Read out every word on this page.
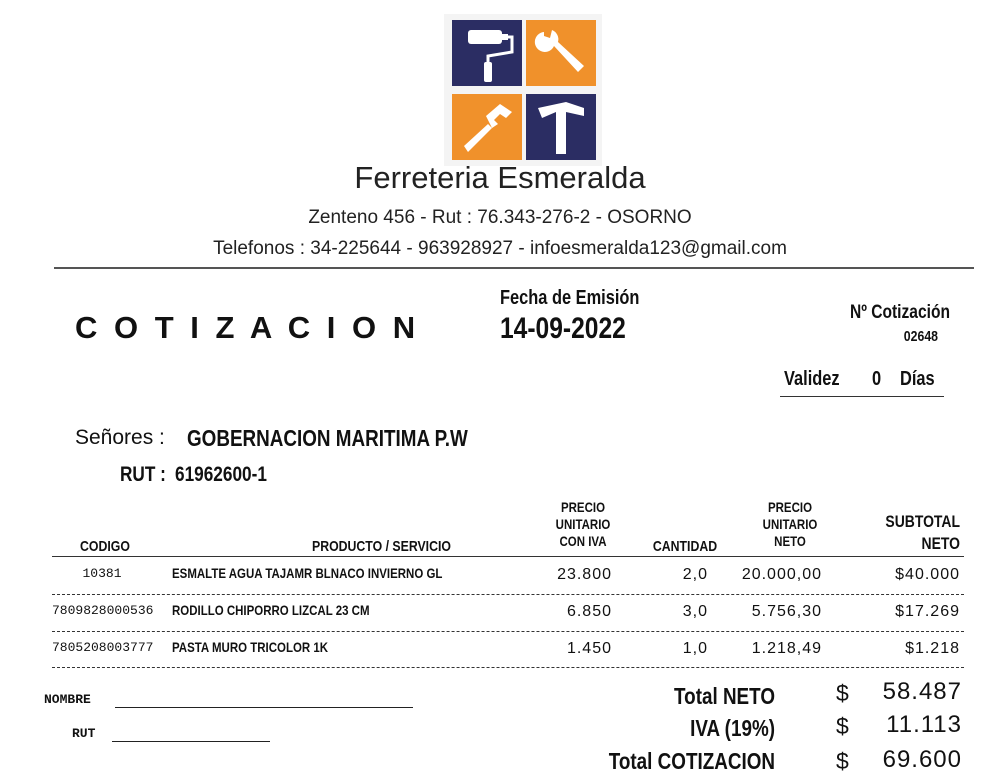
Ferreteria Esmeralda
Zenteno 456 - Rut : 76.343-276-2 - OSORNO
Telefonos : 34-225644 - 963928927 - infoesmeralda123@gmail.com
C O T I Z A C I O N
Fecha de Emisión
14-09-2022	Nº Cotización
02648
Validez 0 Días
Señores : GOBERNACION MARITIMA P.W
RUT : 61962600-1
CODIGO	PRODUCTO / SERVICIO
PRECIO
UNITARIO
CON IVA	CANTIDAD
PRECIO
UNITARIO
NETO
SUBTOTAL
NETO
10381	ESMALTE AGUA TAJAMR BLNACO INVIERNO GL	23.800	2,0	20.000,00	$40.000
7809828000536	RODILLO CHIPORRO LIZCAL 23 CM	6.850	3,0	5.756,30	$17.269
7805208003777	PASTA MURO TRICOLOR 1K	1.450	1,0	1.218,49	$1.218
NOMBRE
RUT
Total NETO	$	58.487
IVA (19%)	$	11.113
Total COTIZACION	$	69.600
